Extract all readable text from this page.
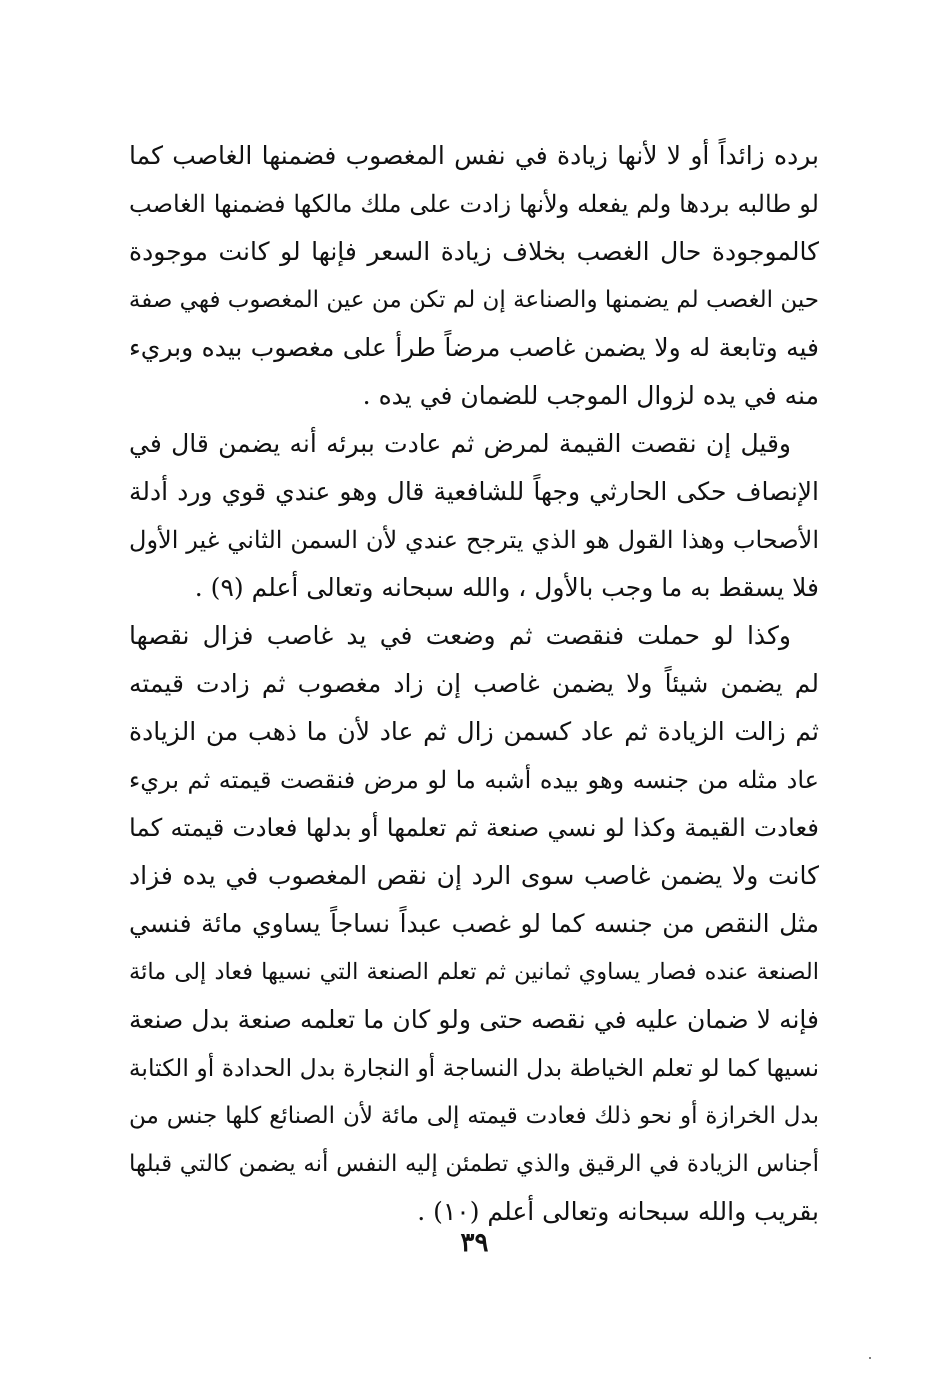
برده زائداً أو لا لأنها زيادة في نفس المغصوب فضمنها الغاصب كما
لو طالبه بردها ولم يفعله ولأنها زادت على ملك مالكها فضمنها الغاصب
كالموجودة حال الغصب بخلاف زيادة السعر فإنها لو كانت موجودة
حين الغصب لم يضمنها والصناعة إن لم تكن من عين المغصوب فهي صفة
فيه وتابعة له ولا يضمن غاصب مرضاً طرأ على مغصوب بيده وبريء
منه في يده لزوال الموجب للضمان في يده .

وقيل إن نقصت القيمة لمرض ثم عادت ببرئه أنه يضمن قال في
الإنصاف حكى الحارثي وجهاً للشافعية قال وهو عندي قوي ورد أدلة
الأصحاب وهذا القول هو الذي يترجح عندي لأن السمن الثاني غير الأول
فلا يسقط به ما وجب بالأول ، والله سبحانه وتعالى أعلم (٩) .

وكذا لو حملت فنقصت ثم وضعت في يد غاصب فزال نقصها
لم يضمن شيئاً ولا يضمن غاصب إن زاد مغصوب ثم زادت قيمته
ثم زالت الزيادة ثم عاد كسمن زال ثم عاد لأن ما ذهب من الزيادة
عاد مثله من جنسه وهو بيده أشبه ما لو مرض فنقصت قيمته ثم بريء
فعادت القيمة وكذا لو نسي صنعة ثم تعلمها أو بدلها فعادت قيمته كما
كانت ولا يضمن غاصب سوى الرد إن نقص المغصوب في يده فزاد
مثل النقص من جنسه كما لو غصب عبداً نساجاً يساوي مائة فنسي
الصنعة عنده فصار يساوي ثمانين ثم تعلم الصنعة التي نسيها فعاد إلى مائة
فإنه لا ضمان عليه في نقصه حتى ولو كان ما تعلمه صنعة بدل صنعة
نسيها كما لو تعلم الخياطة بدل النساجة أو النجارة بدل الحدادة أو الكتابة
بدل الخرازة أو نحو ذلك فعادت قيمته إلى مائة لأن الصنائع كلها جنس من
أجناس الزيادة في الرقيق والذي تطمئن إليه النفس أنه يضمن كالتي قبلها
بقريب والله سبحانه وتعالى أعلم (١٠) .

٣٩
